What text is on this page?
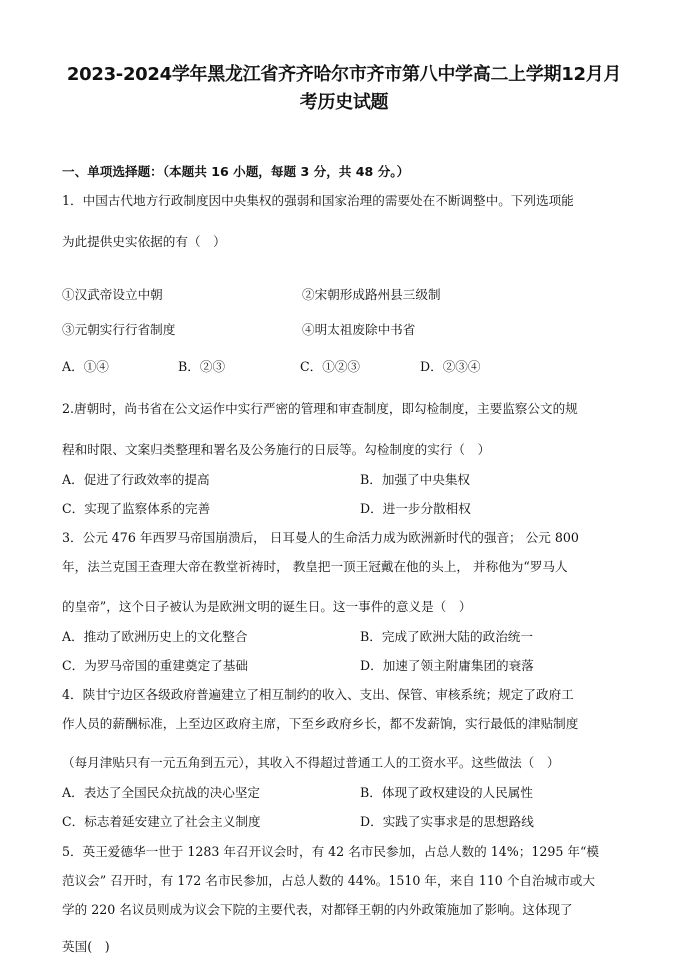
2023-2024学年黑龙江省齐齐哈尔市齐市第八中学高二上学期12月月
考历史试题
一、单项选择题：（本题共 16 小题，每题 3 分，共 48 分。）
1．中国古代地方行政制度因中央集权的强弱和国家治理的需要处在不断调整中。下列选项能
为此提供史实依据的有（　）
①汉武帝设立中朝	②宋朝形成路州县三级制
③元朝实行行省制度	④明太祖废除中书省
A．①④	B．②③	C．①②③	D．②③④
2.唐朝时，尚书省在公文运作中实行严密的管理和审查制度，即勾检制度，主要监察公文的规
程和时限、文案归类整理和署名及公务施行的日辰等。勾检制度的实行（　）
A．促进了行政效率的提高	B．加强了中央集权
C．实现了监察体系的完善	D．进一步分散相权
3．公元 476 年西罗马帝国崩溃后， 日耳曼人的生命活力成为欧洲新时代的强音； 公元 800
年，法兰克国王查理大帝在教堂祈祷时， 教皇把一顶王冠戴在他的头上， 并称他为“罗马人
的皇帝”，这个日子被认为是欧洲文明的诞生日。这一事件的意义是（　）
A．推动了欧洲历史上的文化整合	B．完成了欧洲大陆的政治统一
C．为罗马帝国的重建奠定了基础	D．加速了领主附庸集团的衰落
4．陕甘宁边区各级政府普遍建立了相互制约的收入、支出、保管、审核系统；规定了政府工
作人员的薪酬标准，上至边区政府主席，下至乡政府乡长，都不发薪饷，实行最低的津贴制度
（每月津贴只有一元五角到五元），其收入不得超过普通工人的工资水平。这些做法（　）
A．表达了全国民众抗战的决心坚定	B．体现了政权建设的人民属性
C．标志着延安建立了社会主义制度	D．实践了实事求是的思想路线
5．英王爱德华一世于 1283 年召开议会时，有 42 名市民参加，占总人数的 14%；1295 年“模
范议会” 召开时，有 172 名市民参加，占总人数的 44%。1510 年，来自 110 个自治城市或大
学的 220 名议员则成为议会下院的主要代表，对都铎王朝的内外政策施加了影响。这体现了
英国(　)
